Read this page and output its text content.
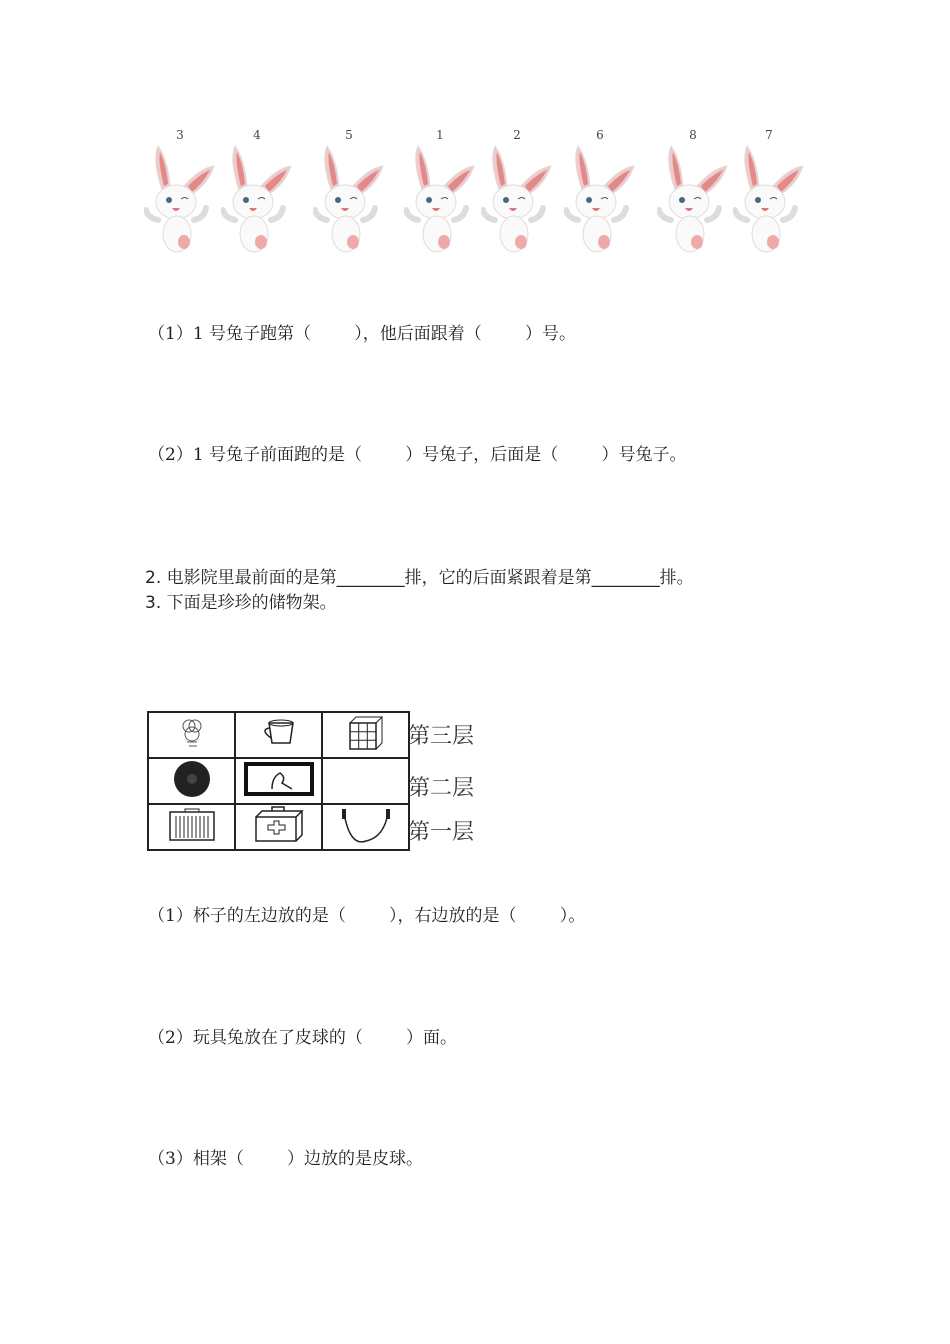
3	4	5	1	2	6	8	7
（1）1 号兔子跑第（        ），他后面跟着（        ）号。
（2）1 号兔子前面跑的是（        ）号兔子，后面是（        ）号兔子。
2. 电影院里最前面的是第________排，它的后面紧跟着是第________排。
3. 下面是珍珍的储物架。

第三层
第二层
第一层
（1）杯子的左边放的是（        ），右边放的是（        ）。
（2）玩具兔放在了皮球的（        ）面。
（3）相架（        ）边放的是皮球。
